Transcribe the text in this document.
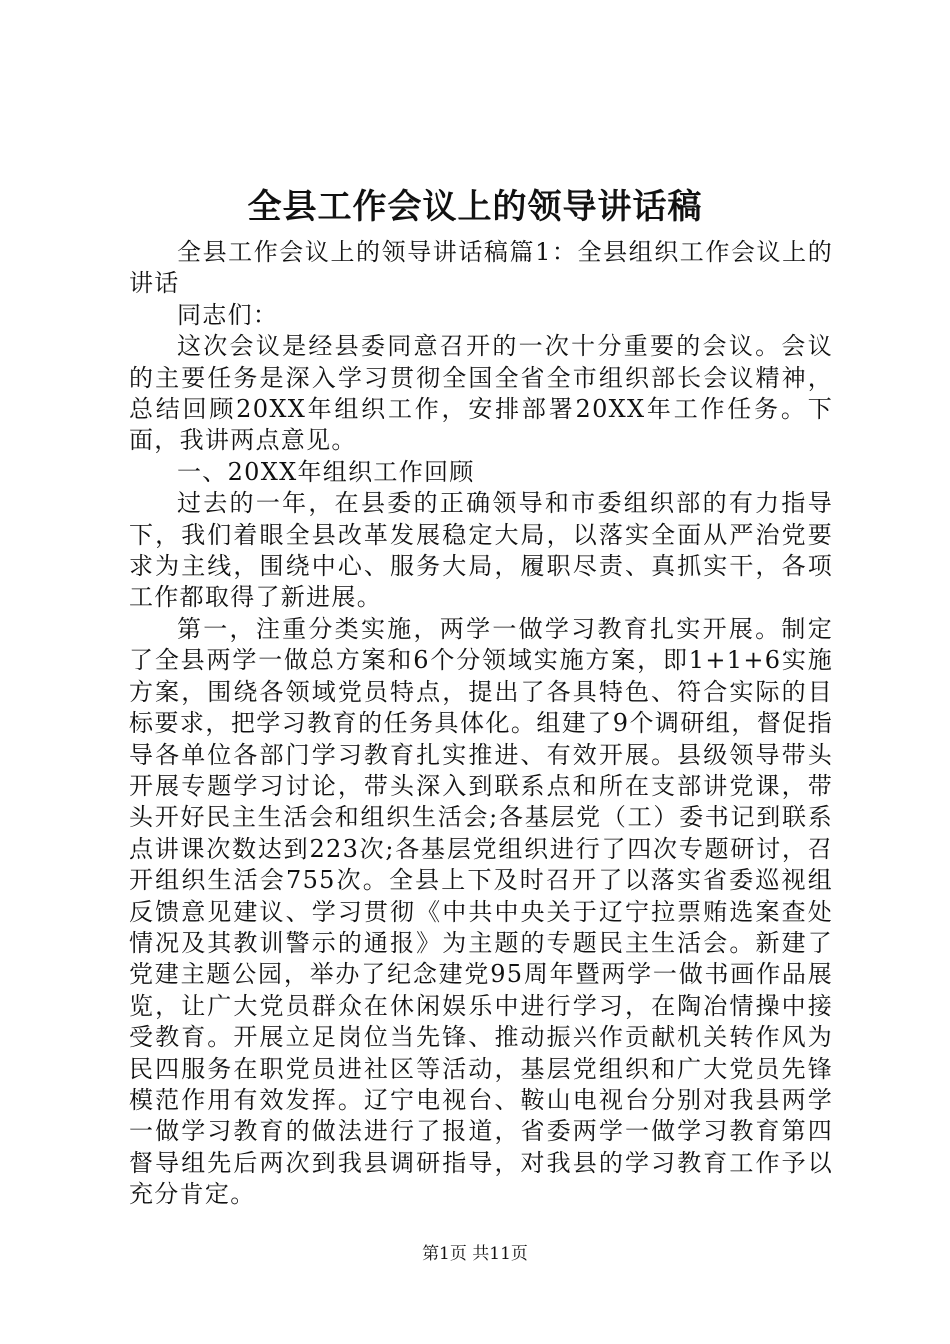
全县工作会议上的领导讲话稿

全县工作会议上的领导讲话稿篇1：全县组织工作会议上的讲话

同志们：

这次会议是经县委同意召开的一次十分重要的会议。会议的主要任务是深入学习贯彻全国全省全市组织部长会议精神，总结回顾20XX年组织工作，安排部署20XX年工作任务。下面，我讲两点意见。

一、20XX年组织工作回顾

过去的一年，在县委的正确领导和市委组织部的有力指导下，我们着眼全县改革发展稳定大局，以落实全面从严治党要求为主线，围绕中心、服务大局，履职尽责、真抓实干，各项工作都取得了新进展。

第一，注重分类实施，两学一做学习教育扎实开展。制定了全县两学一做总方案和6个分领域实施方案，即1+1+6实施方案，围绕各领域党员特点，提出了各具特色、符合实际的目标要求，把学习教育的任务具体化。组建了9个调研组，督促指导各单位各部门学习教育扎实推进、有效开展。县级领导带头开展专题学习讨论，带头深入到联系点和所在支部讲党课，带头开好民主生活会和组织生活会;各基层党（工）委书记到联系点讲课次数达到223次;各基层党组织进行了四次专题研讨，召开组织生活会755次。全县上下及时召开了以落实省委巡视组反馈意见建议、学习贯彻《中共中央关于辽宁拉票贿选案查处情况及其教训警示的通报》为主题的专题民主生活会。新建了党建主题公园，举办了纪念建党95周年暨两学一做书画作品展览，让广大党员群众在休闲娱乐中进行学习，在陶冶情操中接受教育。开展立足岗位当先锋、推动振兴作贡献机关转作风为民四服务在职党员进社区等活动，基层党组织和广大党员先锋模范作用有效发挥。辽宁电视台、鞍山电视台分别对我县两学一做学习教育的做法进行了报道，省委两学一做学习教育第四督导组先后两次到我县调研指导，对我县的学习教育工作予以充分肯定。

第1页 共11页
